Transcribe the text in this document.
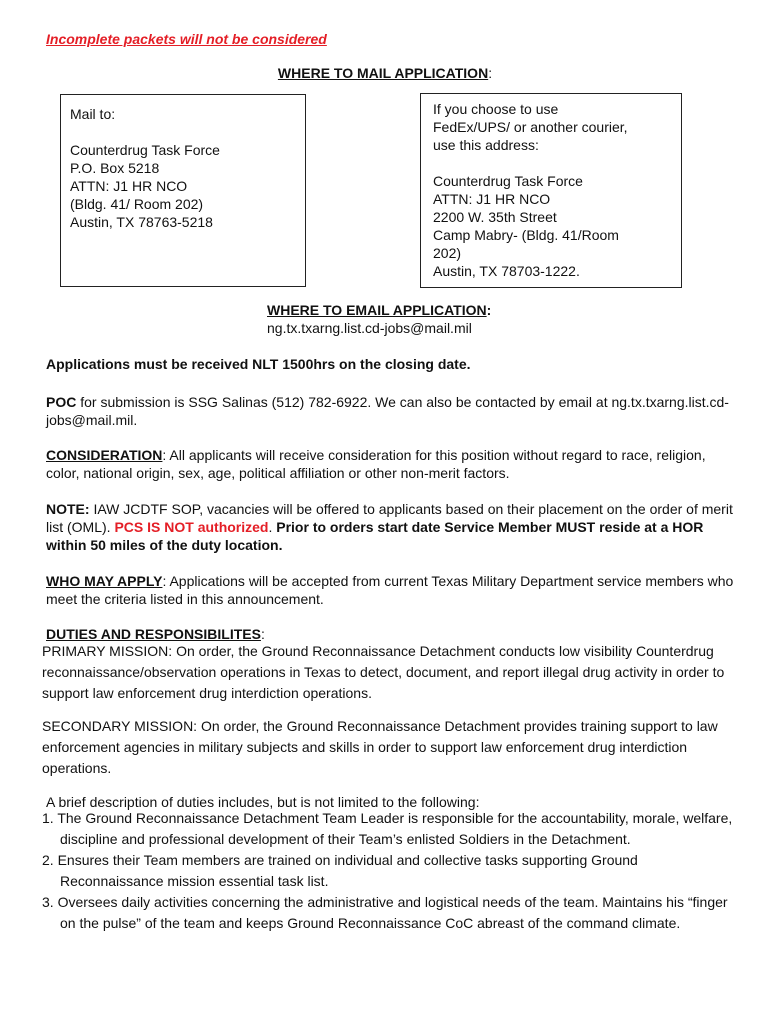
Incomplete packets will not be considered
WHERE TO MAIL APPLICATION:

Mail to:

Counterdrug Task Force

P.O. Box 5218

ATTN: J1 HR NCO

(Bldg. 41/ Room 202)

Austin, TX 78763-5218

If you choose to use

FedEx/UPS/ or another courier,

use this address:

Counterdrug Task Force

ATTN: J1 HR NCO

2200 W. 35th Street

Camp Mabry- (Bldg. 41/Room

202)

Austin, TX 78703-1222.

WHERE TO EMAIL APPLICATION:
ng.tx.txarng.list.cd-jobs@mail.mil

Applications must be received NLT 1500hrs on the closing date.

POC for submission is SSG Salinas (512) 782-6922. We can also be contacted by email at ng.tx.txarng.list.cd-jobs@mail.mil.

CONSIDERATION: All applicants will receive consideration for this position without regard to race, religion, color, national origin, sex, age, political affiliation or other non-merit factors.

NOTE: IAW JCDTF SOP, vacancies will be offered to applicants based on their placement on the order of merit list (OML). PCS IS NOT authorized. Prior to orders start date Service Member MUST reside at a HOR within 50 miles of the duty location.

WHO MAY APPLY: Applications will be accepted from current Texas Military Department service members who meet the criteria listed in this announcement.

DUTIES AND RESPONSIBILITES:

PRIMARY MISSION: On order, the Ground Reconnaissance Detachment conducts low visibility Counterdrug reconnaissance/observation operations in Texas to detect, document, and report illegal drug activity in order to support law enforcement drug interdiction operations.

SECONDARY MISSION: On order, the Ground Reconnaissance Detachment provides training support to law enforcement agencies in military subjects and skills in order to support law enforcement drug interdiction operations.

A brief description of duties includes, but is not limited to the following:

1. The Ground Reconnaissance Detachment Team Leader is responsible for the accountability, morale, welfare, discipline and professional development of their Team’s enlisted Soldiers in the Detachment.
2. Ensures their Team members are trained on individual and collective tasks supporting Ground Reconnaissance mission essential task list.
3. Oversees daily activities concerning the administrative and logistical needs of the team. Maintains his “finger on the pulse” of the team and keeps Ground Reconnaissance CoC abreast of the command climate.
